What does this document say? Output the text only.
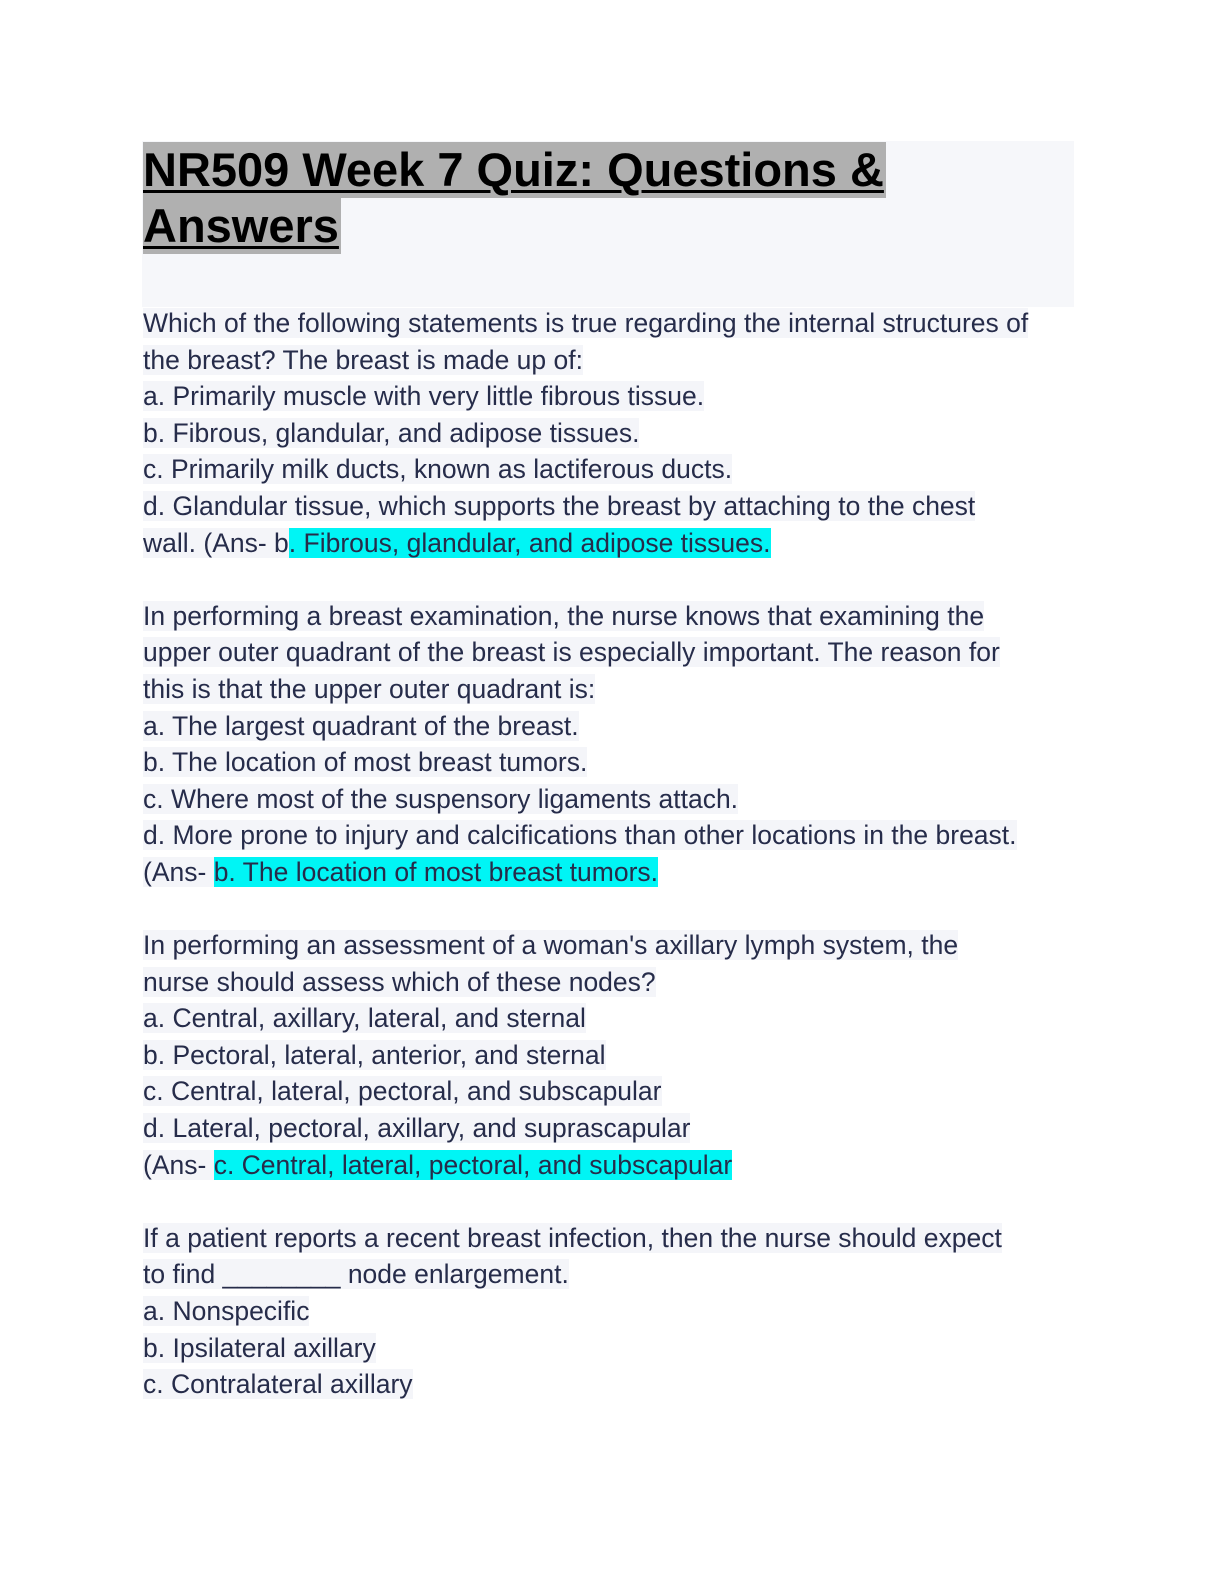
NR509 Week 7 Quiz: Questions &
Answers
Which of the following statements is true regarding the internal structures of
the breast? The breast is made up of:
a. Primarily muscle with very little fibrous tissue.
b. Fibrous, glandular, and adipose tissues.
c. Primarily milk ducts, known as lactiferous ducts.
d. Glandular tissue, which supports the breast by attaching to the chest
wall. (Ans- b. Fibrous, glandular, and adipose tissues.
In performing a breast examination, the nurse knows that examining the
upper outer quadrant of the breast is especially important. The reason for
this is that the upper outer quadrant is:
a. The largest quadrant of the breast.
b. The location of most breast tumors.
c. Where most of the suspensory ligaments attach.
d. More prone to injury and calcifications than other locations in the breast.
(Ans- b. The location of most breast tumors.
In performing an assessment of a woman's axillary lymph system, the
nurse should assess which of these nodes?
a. Central, axillary, lateral, and sternal
b. Pectoral, lateral, anterior, and sternal
c. Central, lateral, pectoral, and subscapular
d. Lateral, pectoral, axillary, and suprascapular
(Ans- c. Central, lateral, pectoral, and subscapular
If a patient reports a recent breast infection, then the nurse should expect
to find ________ node enlargement.
a. Nonspecific
b. Ipsilateral axillary
c. Contralateral axillary
